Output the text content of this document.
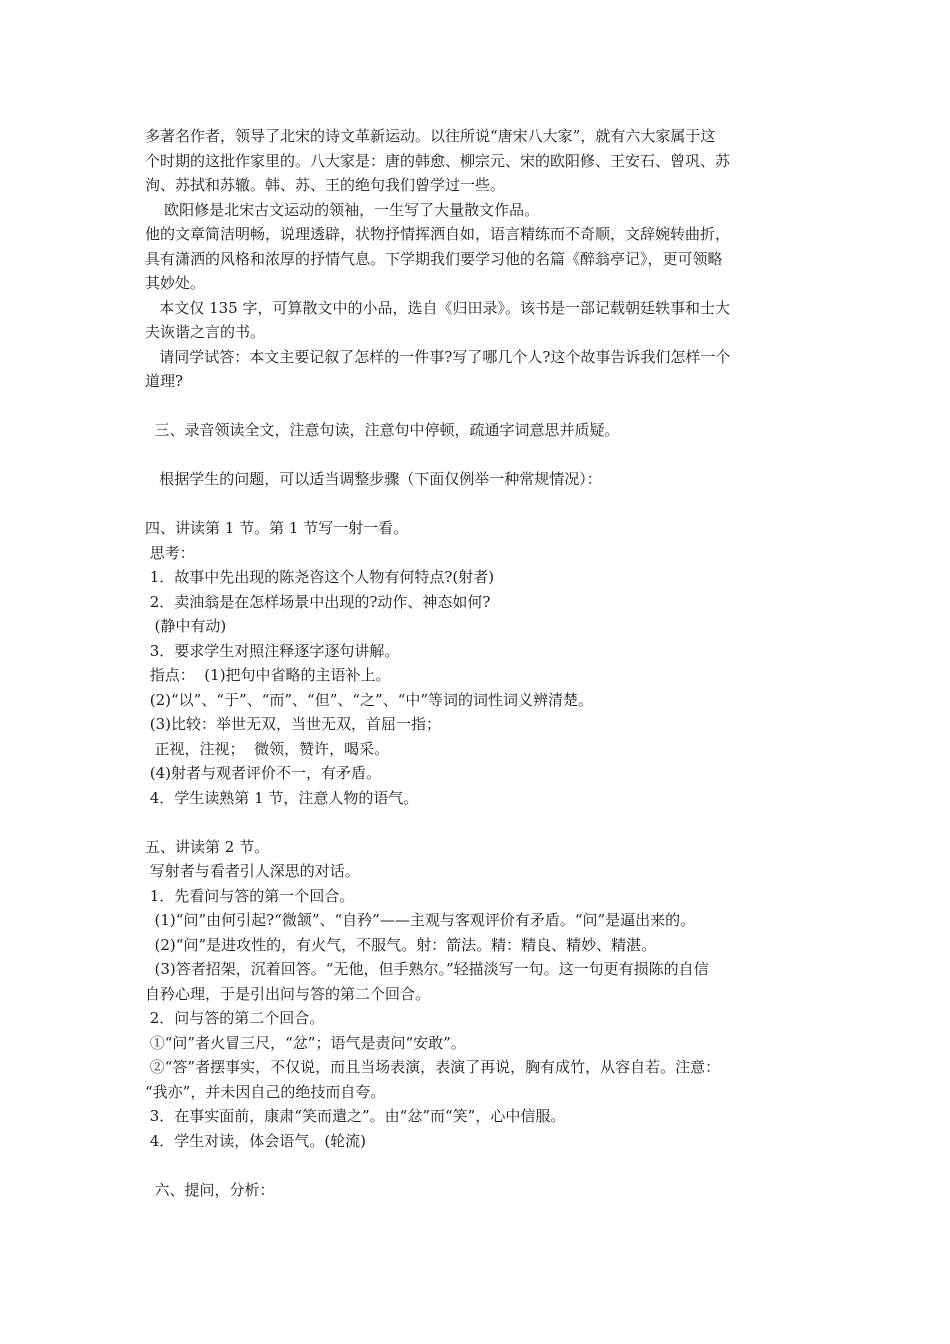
多著名作者，领导了北宋的诗文革新运动。以往所说“唐宋八大家”，就有六大家属于这
个时期的这批作家里的。八大家是：唐的韩愈、柳宗元、宋的欧阳修、王安石、曾巩、苏
洵、苏拭和苏辙。韩、苏、王的绝句我们曾学过一些。
欧阳修是北宋古文运动的领袖，一生写了大量散文作品。
他的文章简洁明畅，说理透辟，状物抒情挥洒自如，语言精练而不奇顺，文辞婉转曲折，
具有潇洒的风格和浓厚的抒情气息。下学期我们要学习他的名篇《醉翁亭记》，更可领略
其妙处。
本文仅 135 字，可算散文中的小品，选自《归田录》。该书是一部记载朝廷轶事和士大
夫诙谐之言的书。
请同学试答：本文主要记叙了怎样的一件事?写了哪几个人?这个故事告诉我们怎样一个
道理?
三、录音领读全文，注意句读，注意句中停顿，疏通字词意思并质疑。
根据学生的问题，可以适当调整步骤（下面仅例举一种常规情况）：
四、讲读第 1 节。第 1 节写一射一看。
思考：
1．故事中先出现的陈尧咨这个人物有何特点?(射者)
2．卖油翁是在怎样场景中出现的?动作、神态如何?
(静中有动)
3．要求学生对照注释逐字逐句讲解。
指点：  (1)把句中省略的主语补上。
(2)“以”、“于”、“而”、“但”、“之”、“中”等词的词性词义辨清楚。
(3)比较：举世无双，当世无双，首屈一指；
正视，注视；  微领，赞许，喝采。
(4)射者与观者评价不一，有矛盾。
4．学生读熟第 1 节，注意人物的语气。
五、讲读第 2 节。
写射者与看者引人深思的对话。
1．先看问与答的第一个回合。
(1)“问”由何引起?“微颔”、“自矜”——主观与客观评价有矛盾。“问”是逼出来的。
(2)“问”是进攻性的，有火气，不服气。射：箭法。精：精良、精妙、精湛。
(3)答者招架，沉着回答。“无他，但手熟尔。”轻描淡写一句。这一句更有损陈的自信
自矜心理，于是引出问与答的第二个回合。
2．问与答的第二个回合。
①“问”者火冒三尺，“忿”；语气是责问“安敢”。
②“答”者摆事实，不仅说，而且当场表演，表演了再说，胸有成竹，从容自若。注意：
“我亦”，并未因自己的绝技而自夸。
3．在事实面前，康肃“笑而遣之”。由“忿”而“笑”，心中信服。
4．学生对读，体会语气。(轮流)
六、提问，分析：
